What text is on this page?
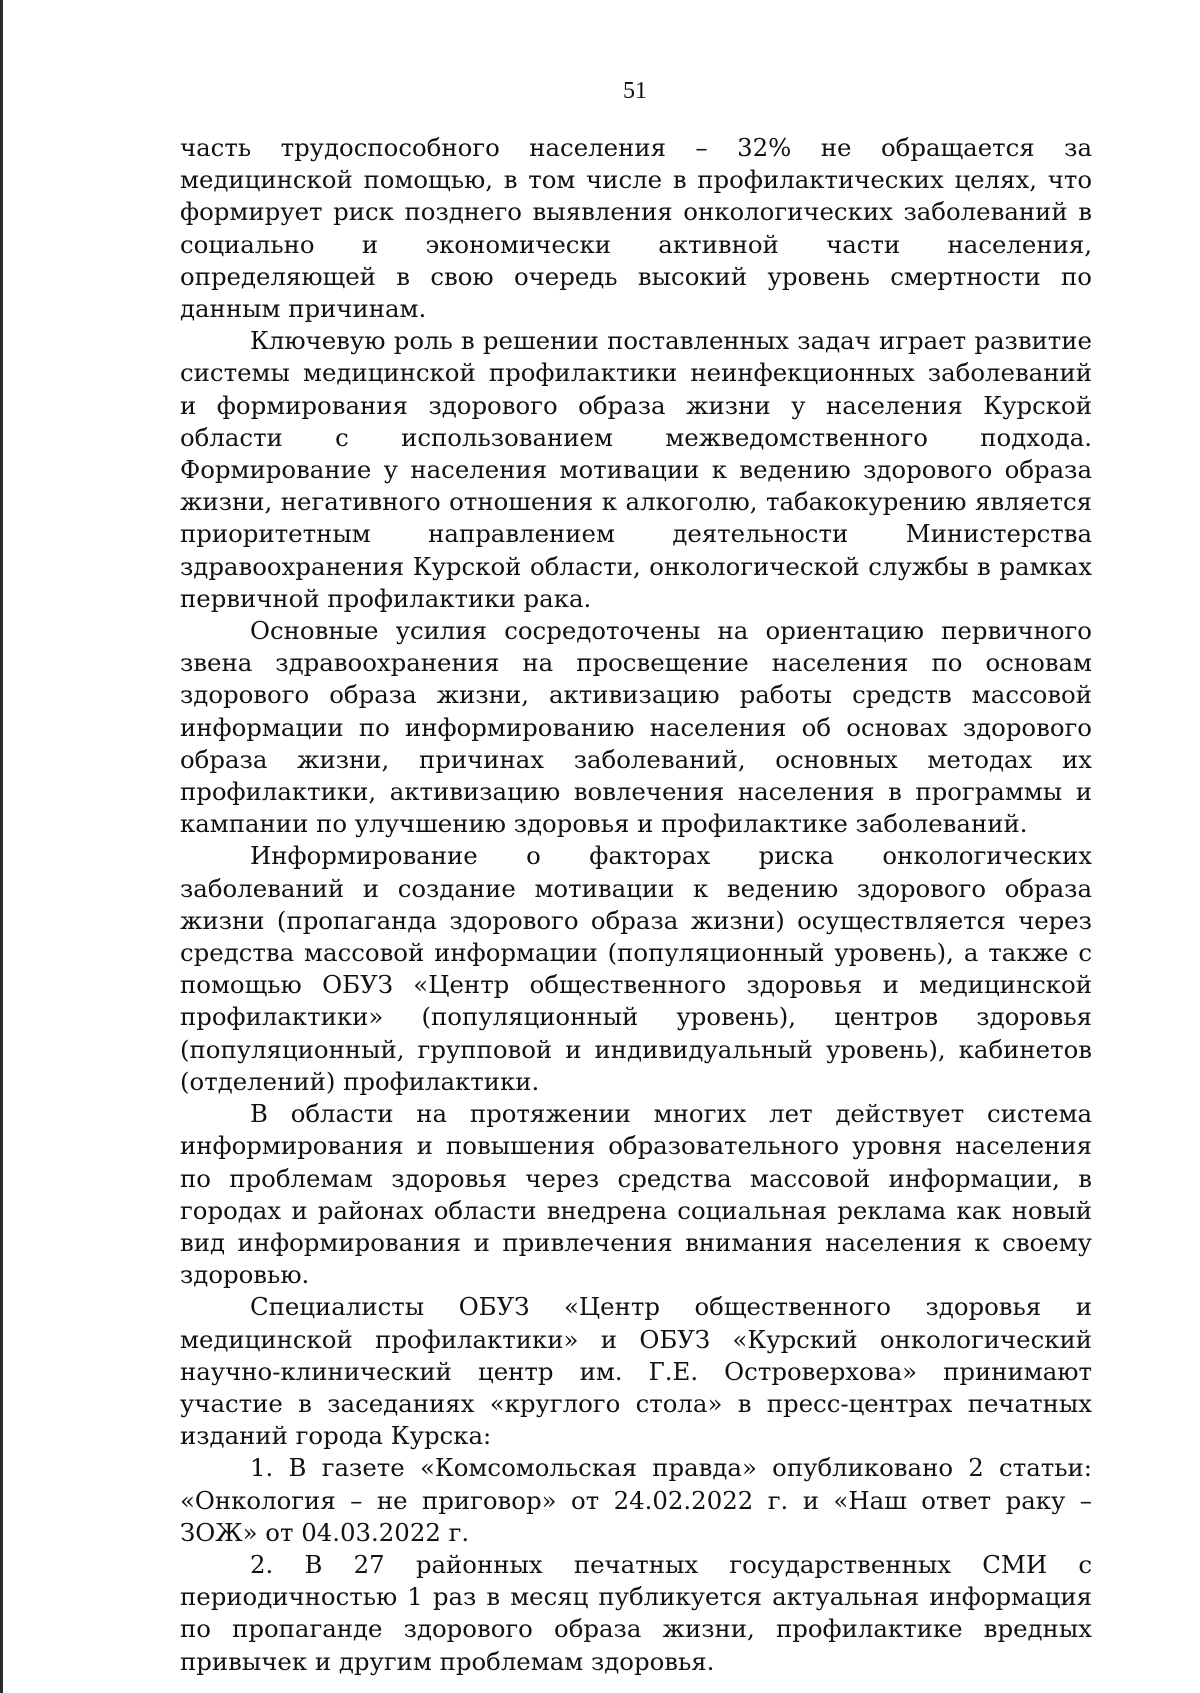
51

часть трудоспособного населения – 32% не обращается за медицинской помощью, в том числе в профилактических целях, что формирует риск позднего выявления онкологических заболеваний в социально и экономически активной части населения, определяющей в свою очередь высокий уровень смертности по данным причинам.

Ключевую роль в решении поставленных задач играет развитие системы медицинской профилактики неинфекционных заболеваний и формирования здорового образа жизни у населения Курской области с использованием межведомственного подхода. Формирование у населения мотивации к ведению здорового образа жизни, негативного отношения к алкоголю, табакокурению является приоритетным направлением деятельности Министерства здравоохранения Курской области, онкологической службы в рамках первичной профилактики рака.

Основные усилия сосредоточены на ориентацию первичного звена здравоохранения на просвещение населения по основам здорового образа жизни, активизацию работы средств массовой информации по информированию населения об основах здорового образа жизни, причинах заболеваний, основных методах их профилактики, активизацию вовлечения населения в программы и кампании по улучшению здоровья и профилактике заболеваний.

Информирование о факторах риска онкологических заболеваний и создание мотивации к ведению здорового образа жизни (пропаганда здорового образа жизни) осуществляется через средства массовой информации (популяционный уровень), а также с помощью ОБУЗ «Центр общественного здоровья и медицинской профилактики» (популяционный уровень), центров здоровья (популяционный, групповой и индивидуальный уровень), кабинетов (отделений) профилактики.

В области на протяжении многих лет действует система информирования и повышения образовательного уровня населения по проблемам здоровья через средства массовой информации, в городах и районах области внедрена социальная реклама как новый вид информирования и привлечения внимания населения к своему здоровью.

Специалисты ОБУЗ «Центр общественного здоровья и медицинской профилактики» и ОБУЗ «Курский онкологический научно-клинический центр им. Г.Е. Островерхова» принимают участие в заседаниях «круглого стола» в пресс-центрах печатных изданий города Курска:

1. В газете «Комсомольская правда» опубликовано 2 статьи: «Онкология – не приговор» от 24.02.2022 г. и «Наш ответ раку – ЗОЖ» от 04.03.2022 г.

2. В 27 районных печатных государственных СМИ с периодичностью 1 раз в месяц публикуется актуальная информация по пропаганде здорового образа жизни, профилактике вредных привычек и другим проблемам здоровья.
